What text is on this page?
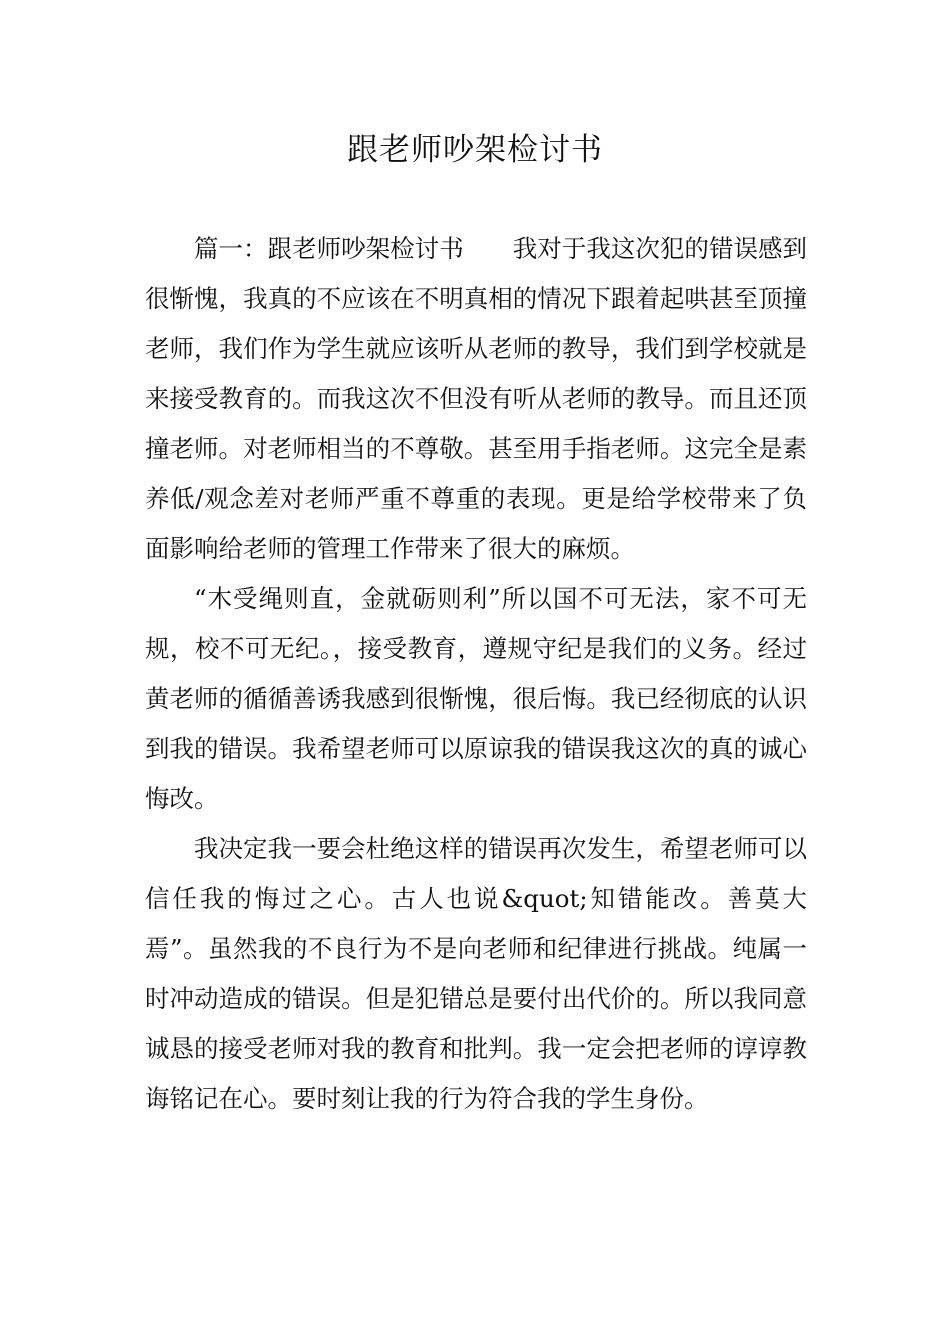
跟老师吵架检讨书

篇一：跟老师吵架检讨书　　 我对于我这次犯的错误感到很惭愧，我真的不应该在不明真相的情况下跟着起哄甚至顶撞老师，我们作为学生就应该听从老师的教导，我们到学校就是来接受教育的。而我这次不但没有听从老师的教导。而且还顶撞老师。对老师相当的不尊敬。甚至用手指老师。这完全是素养低/观念差对老师严重不尊重的表现。更是给学校带来了负面影响给老师的管理工作带来了很大的麻烦。

“木受绳则直，金就砺则利”所以国不可无法，家不可无规，校不可无纪。，接受教育，遵规守纪是我们的义务。经过黄老师的循循善诱我感到很惭愧，很后悔。我已经彻底的认识到我的错误。我希望老师可以原谅我的错误我这次的真的诚心悔改。

我决定我一要会杜绝这样的错误再次发生，希望老师可以信任我的悔过之心。古人也说&quot;知错能改。善莫大焉”。虽然我的不良行为不是向老师和纪律进行挑战。纯属一时冲动造成的错误。但是犯错总是要付出代价的。所以我同意诚恳的接受老师对我的教育和批判。我一定会把老师的谆谆教诲铭记在心。要时刻让我的行为符合我的学生身份。
